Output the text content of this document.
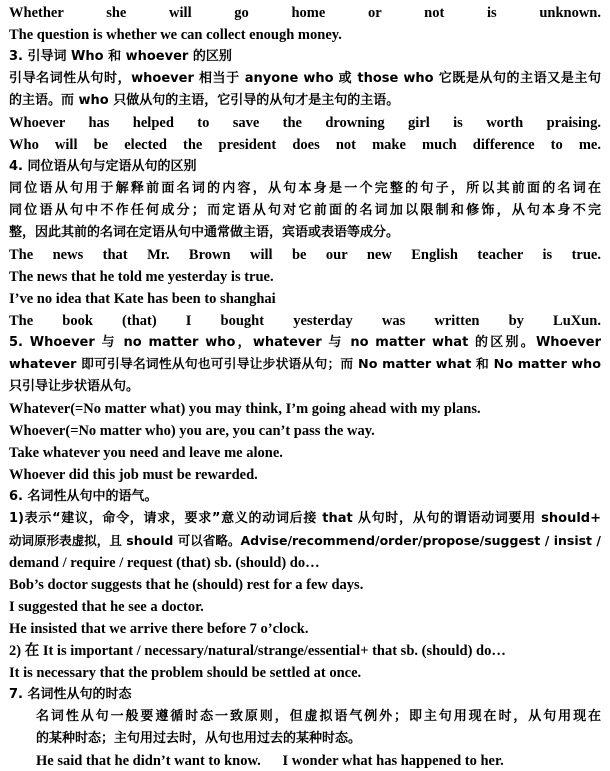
Whether she will go home or not is unknown.
The question is whether we can collect enough money.
3. 引导词 Who 和 whoever 的区别
引导名词性从句时，whoever 相当于 anyone who 或 those who 它既是从句的主语又是主句
的主语。而 who 只做从句的主语，它引导的从句才是主句的主语。
Whoever has helped to save the drowning girl is worth praising.
Who will be elected the president does not make much difference to me.
4. 同位语从句与定语从句的区别
同位语从句用于解释前面名词的内容，从句本身是一个完整的句子，所以其前面的名词在
同位语从句中不作任何成分；而定语从句对它前面的名词加以限制和修饰，从句本身不完
整，因此其前的名词在定语从句中通常做主语，宾语或表语等成分。
The news that Mr. Brown will be our new English teacher is true.
The news that he told me yesterday is true.
I’ve no idea that Kate has been to shanghai
The book (that) I bought yesterday was written by LuXun.
5. Whoever 与 no matter who，whatever 与 no matter what 的区别。Whoever
whatever 即可引导名词性从句也可引导让步状语从句；而 No matter what 和 No matter who
只引导让步状语从句。
Whatever(=No matter what) you may think, I’m going ahead with my plans.
Whoever(=No matter who) you are, you can’t pass the way.
Take whatever you need and leave me alone.
Whoever did this job must be rewarded.
6. 名词性从句中的语气。
1)表示“建议，命令，请求，要求”意义的动词后接 that 从句时，从句的谓语动词要用 should+
动词原形表虚拟，且 should 可以省略。Advise/recommend/order/propose/suggest / insist /
demand / require / request (that) sb. (should) do…
Bob’s doctor suggests that he (should) rest for a few days.
I suggested that he see a doctor.
He insisted that we arrive there before 7 o’clock.
2) 在 It is important / necessary/natural/strange/essential+ that sb. (should) do…
It is necessary that the problem should be settled at once.
7. 名词性从句的时态
名词性从句一般要遵循时态一致原则，但虚拟语气例外；即主句用现在时，从句用现在
的某种时态；主句用过去时，从句也用过去的某种时态。
He said that he didn’t want to know.      I wonder what has happened to her.
